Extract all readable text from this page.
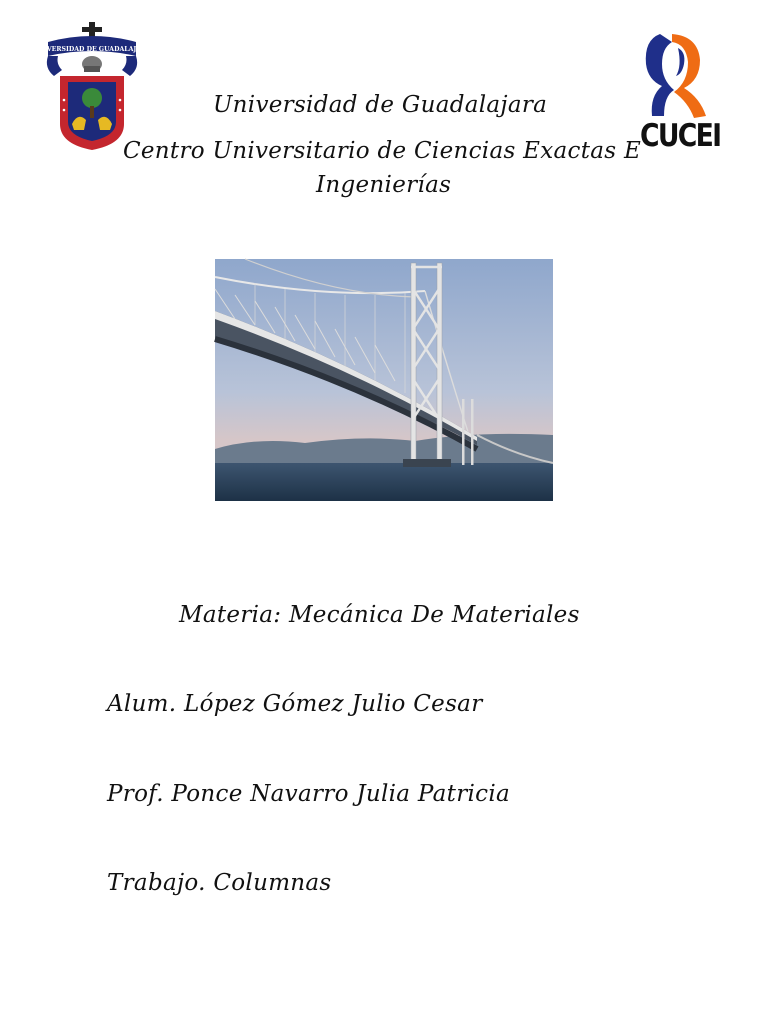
UNIVERSIDAD DE GUADALAJARA
CUCEI
Universidad de Guadalajara
Centro Universitario de Ciencias Exactas E
Ingenierías
Materia: Mecánica De Materiales
Alum. López Gómez Julio Cesar
Prof. Ponce Navarro Julia Patricia
Trabajo. Columnas
